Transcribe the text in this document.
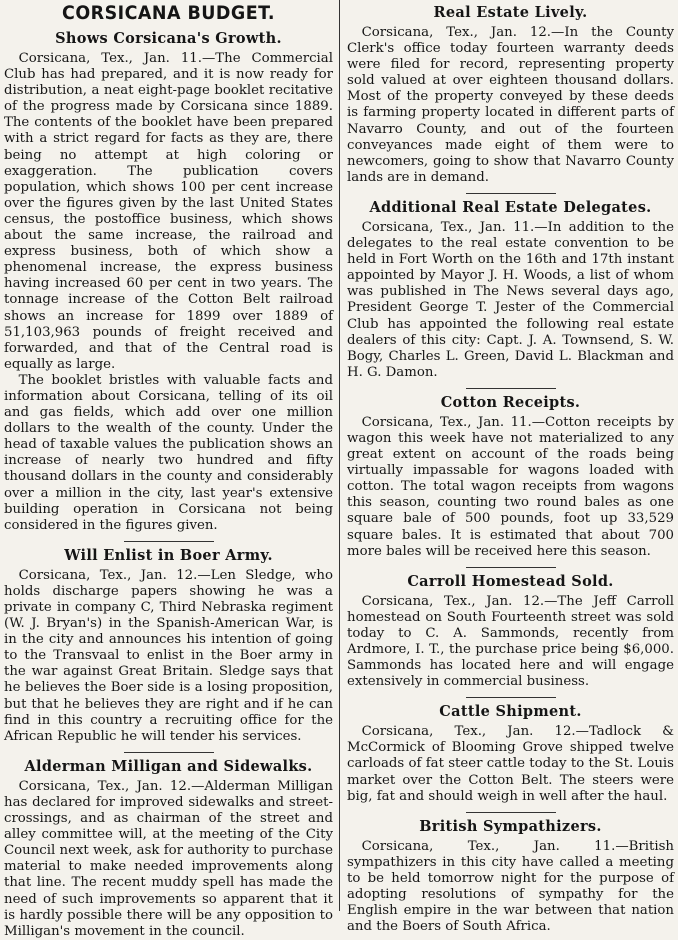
CORSICANA BUDGET.
Shows Corsicana's Growth.

Corsicana, Tex., Jan. 11.—The Commercial Club has had prepared, and it is now ready for distribution, a neat eight-page booklet recitative of the progress made by Corsicana since 1889. The contents of the booklet have been prepared with a strict regard for facts as they are, there being no attempt at high coloring or exaggeration. The publication covers population, which shows 100 per cent increase over the figures given by the last United States census, the postoffice business, which shows about the same increase, the railroad and express business, both of which show a phenomenal increase, the express business having increased 60 per cent in two years. The tonnage increase of the Cotton Belt railroad shows an increase for 1899 over 1889 of 51,103,963 pounds of freight received and forwarded, and that of the Central road is equally as large.

The booklet bristles with valuable facts and information about Corsicana, telling of its oil and gas fields, which add over one million dollars to the wealth of the county. Under the head of taxable values the publication shows an increase of nearly two hundred and fifty thousand dollars in the county and considerably over a million in the city, last year's extensive building operation in Corsicana not being considered in the figures given.

Will Enlist in Boer Army.

Corsicana, Tex., Jan. 12.—Len Sledge, who holds discharge papers showing he was a private in company C, Third Nebraska regiment (W. J. Bryan's) in the Spanish-American War, is in the city and announces his intention of going to the Transvaal to enlist in the Boer army in the war against Great Britain. Sledge says that he believes the Boer side is a losing proposition, but that he believes they are right and if he can find in this country a recruiting office for the African Republic he will tender his services.

Alderman Milligan and Sidewalks.

Corsicana, Tex., Jan. 12.—Alderman Milligan has declared for improved sidewalks and street-crossings, and as chairman of the street and alley committee will, at the meeting of the City Council next week, ask for authority to purchase material to make needed improvements along that line. The recent muddy spell has made the need of such improvements so apparent that it is hardly possible there will be any opposition to Milligan's movement in the council.

Real Estate Lively.

Corsicana, Tex., Jan. 12.—In the County Clerk's office today fourteen warranty deeds were filed for record, representing property sold valued at over eighteen thousand dollars. Most of the property conveyed by these deeds is farming property located in different parts of Navarro County, and out of the fourteen conveyances made eight of them were to newcomers, going to show that Navarro County lands are in demand.

Additional Real Estate Delegates.

Corsicana, Tex., Jan. 11.—In addition to the delegates to the real estate convention to be held in Fort Worth on the 16th and 17th instant appointed by Mayor J. H. Woods, a list of whom was published in The News several days ago, President George T. Jester of the Commercial Club has appointed the following real estate dealers of this city: Capt. J. A. Townsend, S. W. Bogy, Charles L. Green, David L. Blackman and H. G. Damon.

Cotton Receipts.

Corsicana, Tex., Jan. 11.—Cotton receipts by wagon this week have not materialized to any great extent on account of the roads being virtually impassable for wagons loaded with cotton. The total wagon receipts from wagons this season, counting two round bales as one square bale of 500 pounds, foot up 33,529 square bales. It is estimated that about 700 more bales will be received here this season.

Carroll Homestead Sold.

Corsicana, Tex., Jan. 12.—The Jeff Carroll homestead on South Fourteenth street was sold today to C. A. Sammonds, recently from Ardmore, I. T., the purchase price being $6,000. Sammonds has located here and will engage extensively in commercial business.

Cattle Shipment.

Corsicana, Tex., Jan. 12.—Tadlock & McCormick of Blooming Grove shipped twelve carloads of fat steer cattle today to the St. Louis market over the Cotton Belt. The steers were big, fat and should weigh in well after the haul.

British Sympathizers.

Corsicana, Tex., Jan. 11.—British sympathizers in this city have called a meeting to be held tomorrow night for the purpose of adopting resolutions of sympathy for the English empire in the war between that nation and the Boers of South Africa.
